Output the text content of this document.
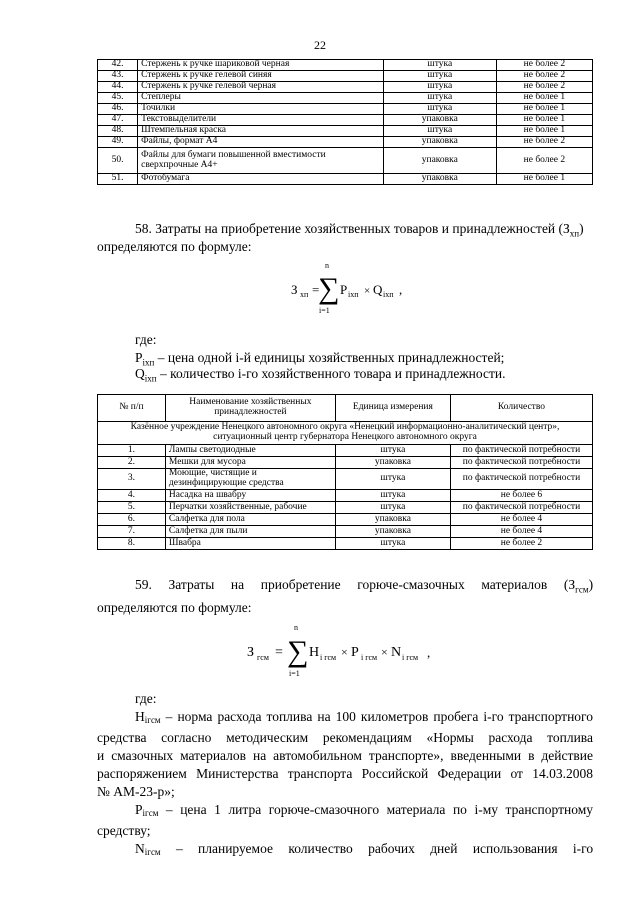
22
42.	Стержень к ручке шариковой черная	штука	не более 2
43.	Стержень к ручке гелевой синяя	штука	не более 2
44.	Стержень к ручке гелевой черная	штука	не более 2
45.	Степлеры	штука	не более 1
46.	Точилки	штука	не более 1
47.	Текстовыделители	упаковка	не более 1
48.	Штемпельная краска	штука	не более 1
49.	Файлы, формат А4	упаковка	не более 2
50.	Файлы для бумаги повышенной вместимости сверхпрочные А4+	упаковка	не более 2
51.	Фотобумага	упаковка	не более 1
58. Затраты на приобретение хозяйственных товаров и принадлежностей $(З_{хп})$
определяются по формуле:
З хп =
n
∑
i=1
P iхп × Q iхп ,
где:
$P_{iхп}$ – цена одной i-й единицы хозяйственных принадлежностей;
$Q_{iхп}$ – количество i-го хозяйственного товара и принадлежности.
№ п/п	Наименование хозяйственных принадлежностей	Единица измерения	Количество
Казённое учреждение Ненецкого автономного округа «Ненецкий информационно-аналитический центр», ситуационный центр губернатора Ненецкого автономного округа			
1.	Лампы светодиодные	штука	по фактической потребности
2.	Мешки для мусора	упаковка	по фактической потребности
3.	Моющие, чистящие и дезинфицирующие средства	штука	по фактической потребности
4.	Насадка на швабру	штука	не более 6
5.	Перчатки хозяйственные, рабочие	штука	по фактической потребности
6.	Салфетка для пола	упаковка	не более 4
7.	Салфетка для пыли	упаковка	не более 4
8.	Швабра	штука	не более 2
59. Затраты на приобретение горюче-смазочных материалов $(З_{гсм})$
определяются по формуле:
З гсм =
n
∑
i=1
Н i гсм × P i гсм × N i гсм ,
где:
Нiгсм – норма расхода топлива на 100 километров пробега i-го транспортного
средства согласно методическим рекомендациям «Нормы расхода топлива
и смазочных материалов на автомобильном транспорте», введенными в действие
распоряжением Министерства транспорта Российской Федерации от 14.03.2008
№ АМ-23-р»;
Piгсм – цена 1 литра горюче-смазочного материала по i-му транспортному
средству;
Niгсм – планируемое количество рабочих дней использования i-го
